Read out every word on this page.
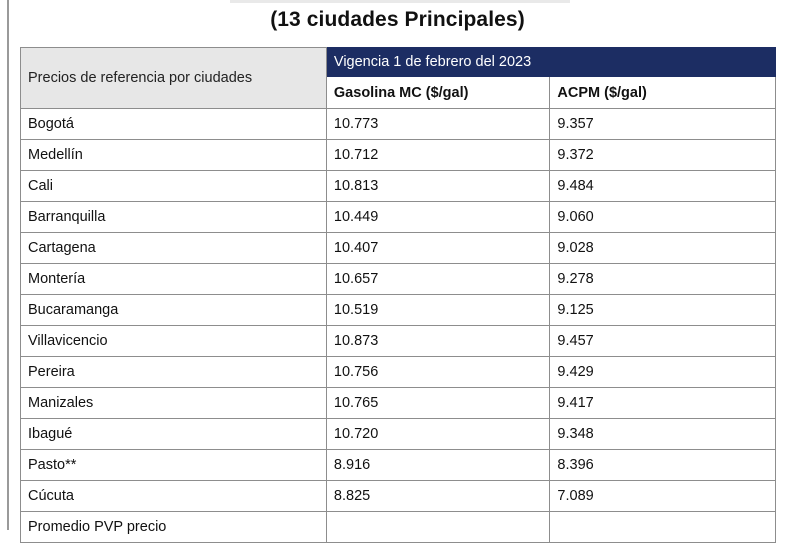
(13 ciudades Principales)
Precios de referencia por ciudades	Vigencia 1 de febrero del 2023	
	Gasolina MC ($/gal)	ACPM ($/gal)
Bogotá	10.773	9.357
Medellín	10.712	9.372
Cali	10.813	9.484
Barranquilla	10.449	9.060
Cartagena	10.407	9.028
Montería	10.657	9.278
Bucaramanga	10.519	9.125
Villavicencio	10.873	9.457
Pereira	10.756	9.429
Manizales	10.765	9.417
Ibagué	10.720	9.348
Pasto**	8.916	8.396
Cúcuta	8.825	7.089
Promedio PVP precio		
